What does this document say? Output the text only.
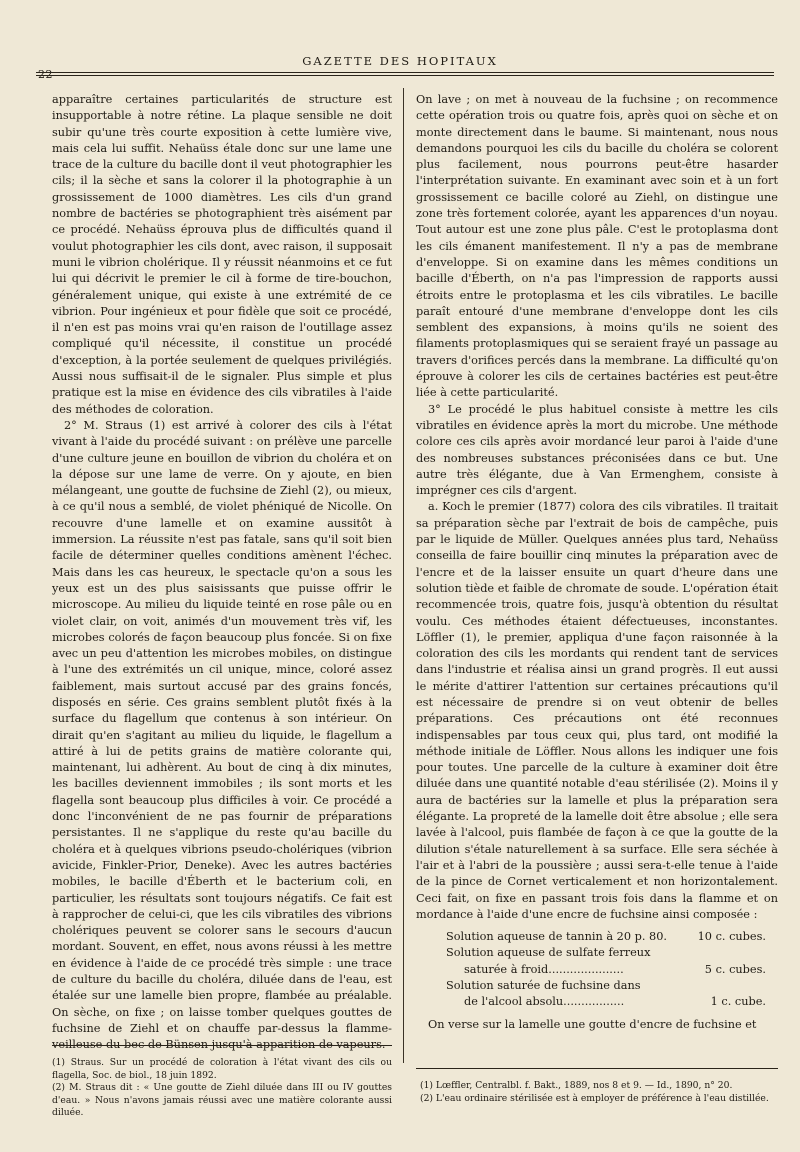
22
GAZETTE DES HOPITAUX

apparaître certaines particularités de structure est insupportable à notre rétine. La plaque sensible ne doit subir qu'une très courte exposition à cette lumière vive, mais cela lui suffit. Nehaüss étale donc sur une lame une trace de la culture du bacille dont il veut photographier les cils; il la sèche et sans la colorer il la photographie à un grossissement de 1000 diamètres. Les cils d'un grand nombre de bactéries se photographient très aisément par ce procédé. Nehaüss éprouva plus de difficultés quand il voulut photographier les cils dont, avec raison, il supposait muni le vibrion cholérique. Il y réussit néanmoins et ce fut lui qui décrivit le premier le cil à forme de tire-bouchon, généralement unique, qui existe à une extrémité de ce vibrion. Pour ingénieux et pour fidèle que soit ce procédé, il n'en est pas moins vrai qu'en raison de l'outillage assez compliqué qu'il nécessite, il constitue un procédé d'exception, à la portée seulement de quelques privilégiés. Aussi nous suffisait-il de le signaler. Plus simple et plus pratique est la mise en évidence des cils vibratiles à l'aide des méthodes de coloration.

2° M. Straus (1) est arrivé à colorer des cils à l'état vivant à l'aide du procédé suivant : on prélève une parcelle d'une culture jeune en bouillon de vibrion du choléra et on la dépose sur une lame de verre. On y ajoute, en bien mélangeant, une goutte de fuchsine de Ziehl (2), ou mieux, à ce qu'il nous a semblé, de violet phéniqué de Nicolle. On recouvre d'une lamelle et on examine aussitôt à immersion. La réussite n'est pas fatale, sans qu'il soit bien facile de déterminer quelles conditions amènent l'échec. Mais dans les cas heureux, le spectacle qu'on a sous les yeux est un des plus saisissants que puisse offrir le microscope. Au milieu du liquide teinté en rose pâle ou en violet clair, on voit, animés d'un mouvement très vif, les microbes colorés de façon beaucoup plus foncée. Si on fixe avec un peu d'attention les microbes mobiles, on distingue à l'une des extrémités un cil unique, mince, coloré assez faiblement, mais surtout accusé par des grains foncés, disposés en série. Ces grains semblent plutôt fixés à la surface du flagellum que contenus à son intérieur. On dirait qu'en s'agitant au milieu du liquide, le flagellum a attiré à lui de petits grains de matière colorante qui, maintenant, lui adhèrent. Au bout de cinq à dix minutes, les bacilles deviennent immobiles ; ils sont morts et les flagella sont beaucoup plus difficiles à voir. Ce procédé a donc l'inconvénient de ne pas fournir de préparations persistantes. Il ne s'applique du reste qu'au bacille du choléra et à quelques vibrions pseudo-cholériques (vibrion avicide, Finkler-Prior, Deneke). Avec les autres bactéries mobiles, le bacille d'Éberth et le bacterium coli, en particulier, les résultats sont toujours négatifs. Ce fait est à rapprocher de celui-ci, que les cils vibratiles des vibrions cholériques peuvent se colorer sans le secours d'aucun mordant. Souvent, en effet, nous avons réussi à les mettre en évidence à l'aide de ce procédé très simple : une trace de culture du bacille du choléra, diluée dans de l'eau, est étalée sur une lamelle bien propre, flambée au préalable. On sèche, on fixe ; on laisse tomber quelques gouttes de fuchsine de Ziehl et on chauffe par-dessus la flamme-veilleuse du bec de Bünsen jusqu'à apparition de vapeurs.

On lave ; on met à nouveau de la fuchsine ; on recommence cette opération trois ou quatre fois, après quoi on sèche et on monte directement dans le baume. Si maintenant, nous nous demandons pourquoi les cils du bacille du choléra se colorent plus facilement, nous pourrons peut-être hasarder l'interprétation suivante. En examinant avec soin et à un fort grossissement ce bacille coloré au Ziehl, on distingue une zone très fortement colorée, ayant les apparences d'un noyau. Tout autour est une zone plus pâle. C'est le protoplasma dont les cils émanent manifestement. Il n'y a pas de membrane d'enveloppe. Si on examine dans les mêmes conditions un bacille d'Éberth, on n'a pas l'impression de rapports aussi étroits entre le protoplasma et les cils vibratiles. Le bacille paraît entouré d'une membrane d'enveloppe dont les cils semblent des expansions, à moins qu'ils ne soient des filaments protoplasmiques qui se seraient frayé un passage au travers d'orifices percés dans la membrane. La difficulté qu'on éprouve à colorer les cils de certaines bactéries est peut-être liée à cette particularité.

3° Le procédé le plus habituel consiste à mettre les cils vibratiles en évidence après la mort du microbe. Une méthode colore ces cils après avoir mordancé leur paroi à l'aide d'une des nombreuses substances préconisées dans ce but. Une autre très élégante, due à Van Ermenghem, consiste à imprégner ces cils d'argent.

a. Koch le premier (1877) colora des cils vibratiles. Il traitait sa préparation sèche par l'extrait de bois de campêche, puis par le liquide de Müller. Quelques années plus tard, Nehaüss conseilla de faire bouillir cinq minutes la préparation avec de l'encre et de la laisser ensuite un quart d'heure dans une solution tiède et faible de chromate de soude. L'opération était recommencée trois, quatre fois, jusqu'à obtention du résultat voulu. Ces méthodes étaient défectueuses, inconstantes. Löffler (1), le premier, appliqua d'une façon raisonnée à la coloration des cils les mordants qui rendent tant de services dans l'industrie et réalisa ainsi un grand progrès. Il eut aussi le mérite d'attirer l'attention sur certaines précautions qu'il est nécessaire de prendre si on veut obtenir de belles préparations. Ces précautions ont été reconnues indispensables par tous ceux qui, plus tard, ont modifié la méthode initiale de Löffler. Nous allons les indiquer une fois pour toutes. Une parcelle de la culture à examiner doit être diluée dans une quantité notable d'eau stérilisée (2). Moins il y aura de bactéries sur la lamelle et plus la préparation sera élégante. La propreté de la lamelle doit être absolue ; elle sera lavée à l'alcool, puis flambée de façon à ce que la goutte de la dilution s'étale naturellement à sa surface. Elle sera séchée à l'air et à l'abri de la poussière ; aussi sera-t-elle tenue à l'aide de la pince de Cornet verticalement et non horizontalement. Ceci fait, on fixe en passant trois fois dans la flamme et on mordance à l'aide d'une encre de fuchsine ainsi composée :

Solution aqueuse de tannin à 20 p. 80.	10 c. cubes.
Solution aqueuse de sulfate ferreux
saturée à froid.....................	5 c. cubes.
Solution saturée de fuchsine dans
de l'alcool absolu.................	1 c. cube.

On verse sur la lamelle une goutte d'encre de fuchsine et

(1) Straus. Sur un procédé de coloration à l'état vivant des cils ou flagella, Soc. de biol., 18 juin 1892.

(2) M. Straus dit : « Une goutte de Ziehl diluée dans III ou IV gouttes d'eau. » Nous n'avons jamais réussi avec une matière colorante aussi diluée.

(1) Lœffler, Centralbl. f. Bakt., 1889, nos 8 et 9. — Id., 1890, n° 20.

(2) L'eau ordinaire stérilisée est à employer de préférence à l'eau distillée.
